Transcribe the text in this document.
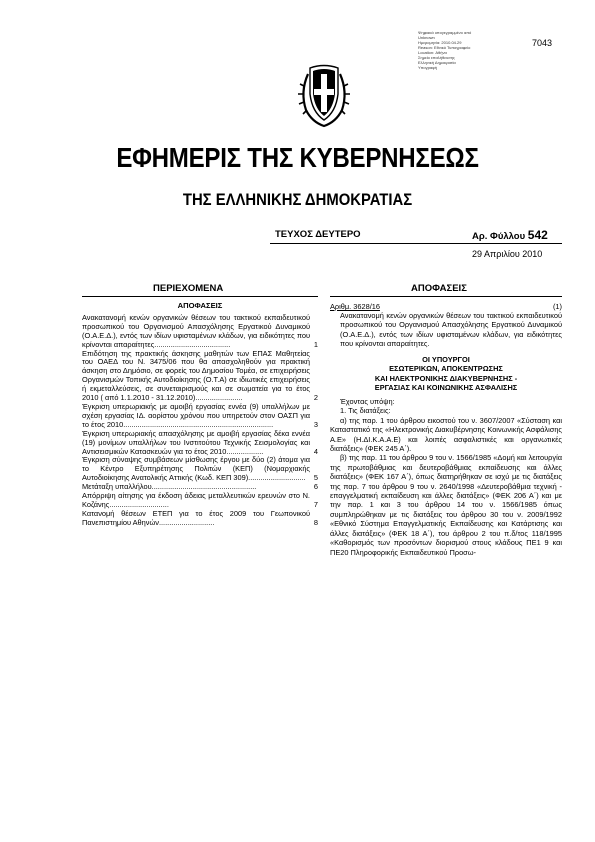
Ψηφιακά υπογεγραμμένο από
Unknown
Ημερομηνία: 2010.04.29
Reason: Εθνικό Τυπογραφείο
Location: Αθήνα
Σημείο επαλήθευσης
Ελληνική Δημοκρατία
Υπογραφή
7043
ΕΦΗΜΕΡΙΣ ΤΗΣ ΚΥΒΕΡΝΗΣΕΩΣ
ΤΗΣ ΕΛΛΗΝΙΚΗΣ ΔΗΜΟΚΡΑΤΙΑΣ
ΤΕΥΧΟΣ ΔΕΥΤΕΡΟ	Αρ. Φύλλου 542
29 Απριλίου 2010
ΠΕΡΙΕΧΟΜΕΝΑ	ΑΠΟΦΑΣΕΙΣ
ΑΠΟΦΑΣΕΙΣ
Ανακατανομή κενών οργανικών θέσεων του τακτικού εκπαιδευτικού προσωπικού του Οργανισμού Απασχόλησης Εργατικού Δυναμικού (Ο.Α.Ε.Δ.), εντός των ιδίων υφισταμένων κλάδων, για ειδικότητες που κρίνονται απαραίτητες.....................................	1
Επιδότηση της πρακτικής άσκησης μαθητών των ΕΠΑΣ Μαθητείας του ΟΑΕΔ του Ν. 3475/06 που θα απασχοληθούν για πρακτική άσκηση στο Δημόσιο, σε φορείς του Δημοσίου Τομέα, σε επιχειρήσεις Οργανισμών Τοπικής Αυτοδιοίκησης (Ο.Τ.Α) σε ιδιωτικές επιχειρήσεις ή εκμεταλλεύσεις, σε συνεταιρισμούς και σε σωματεία για το έτος 2010 ( από 1.1.2010 - 31.12.2010).......................	2
Έγκριση υπερωριακής με αμοιβή εργασίας εννέα (9) υπαλλήλων με σχέση εργασίας ΙΔ. αορίστου χρόνου που υπηρετούν στον ΟΑΣΠ για το έτος 2010.........................................................................	3
Έγκριση υπερωριακής απασχόλησης με αμοιβή εργασίας δέκα εννέα (19) μονίμων υπαλλήλων του Ινστιτούτου Τεχνικής Σεισμολογίας και Αντισεισμικών Κατασκευών για το έτος 2010..................	4
Έγκριση σύναψης συμβάσεων μίσθωσης έργου με δύο (2) άτομα για το Κέντρο Εξυπηρέτησης Πολιτών (ΚΕΠ) (Νομαρχιακής Αυτοδιοίκησης Ανατολικής Αττικής (Κωδ. ΚΕΠ 309)............................	5
Μετάταξη υπαλλήλου...................................................	6
Απόρριψη αίτησης για έκδοση άδειας μεταλλευτικών ερευνών στο Ν. Κοζάνης.............................	7
Κατανομή θέσεων ΕΤΕΠ για το έτος 2009 του Γεωπονικού Πανεπιστημίου Αθηνών...........................	8
Αριθμ. 3628/16	(1)
Ανακατανομή κενών οργανικών θέσεων του τακτικού εκπαιδευτικού προσωπικού του Οργανισμού Απασχόλησης Εργατικού Δυναμικού (Ο.Α.Ε.Δ.), εντός των ιδίων υφισταμένων κλάδων, για ειδικότητες που κρίνονται απαραίτητες.
ΟΙ ΥΠΟΥΡΓΟΙ
ΕΣΩΤΕΡΙΚΩΝ, ΑΠΟΚΕΝΤΡΩΣΗΣ
ΚΑΙ ΗΛΕΚΤΡΟΝΙΚΗΣ ΔΙΑΚΥΒΕΡΝΗΣΗΣ -
ΕΡΓΑΣΙΑΣ ΚΑΙ ΚΟΙΝΩΝΙΚΗΣ ΑΣΦΑΛΙΣΗΣ
Έχοντας υπόψη:
1. Τις διατάξεις:
α) της παρ. 1 του άρθρου εικοστού του ν. 3607/2007 «Σύσταση και Καταστατικό της «Ηλεκτρονικής Διακυβέρνησης Κοινωνικής Ασφάλισης Α.Ε» (Η.ΔΙ.Κ.Α.Α.Ε) και λοιπές ασφαλιστικές και οργανωτικές διατάξεις» (ΦΕΚ 245 Α΄).
β) της παρ. 11 του άρθρου 9 του ν. 1566/1985 «Δομή και λειτουργία της πρωτοβάθμιας και δευτεροβάθμιας εκπαίδευσης και άλλες διατάξεις» (ΦΕΚ 167 Α΄), όπως διατηρήθηκαν σε ισχύ με τις διατάξεις της παρ. 7 του άρθρου 9 του ν. 2640/1998 «Δευτεροβάθμια τεχνική - επαγγελματική εκπαίδευση και άλλες διατάξεις» (ΦΕΚ 206 Α΄) και με την παρ. 1 και 3 του άρθρου 14 του ν. 1566/1985 όπως συμπληρώθηκαν με τις διατάξεις του άρθρου 30 του ν. 2009/1992 «Εθνικό Σύστημα Επαγγελματικής Εκπαίδευσης και Κατάρτισης και άλλες διατάξεις» (ΦΕΚ 18 Α΄), του άρθρου 2 του π.δ/τος 118/1995 «Καθορισμός των προσόντων διορισμού στους κλάδους ΠΕ1 9 και ΠΕ20 Πληροφορικής Εκπαιδευτικού Προσω-
